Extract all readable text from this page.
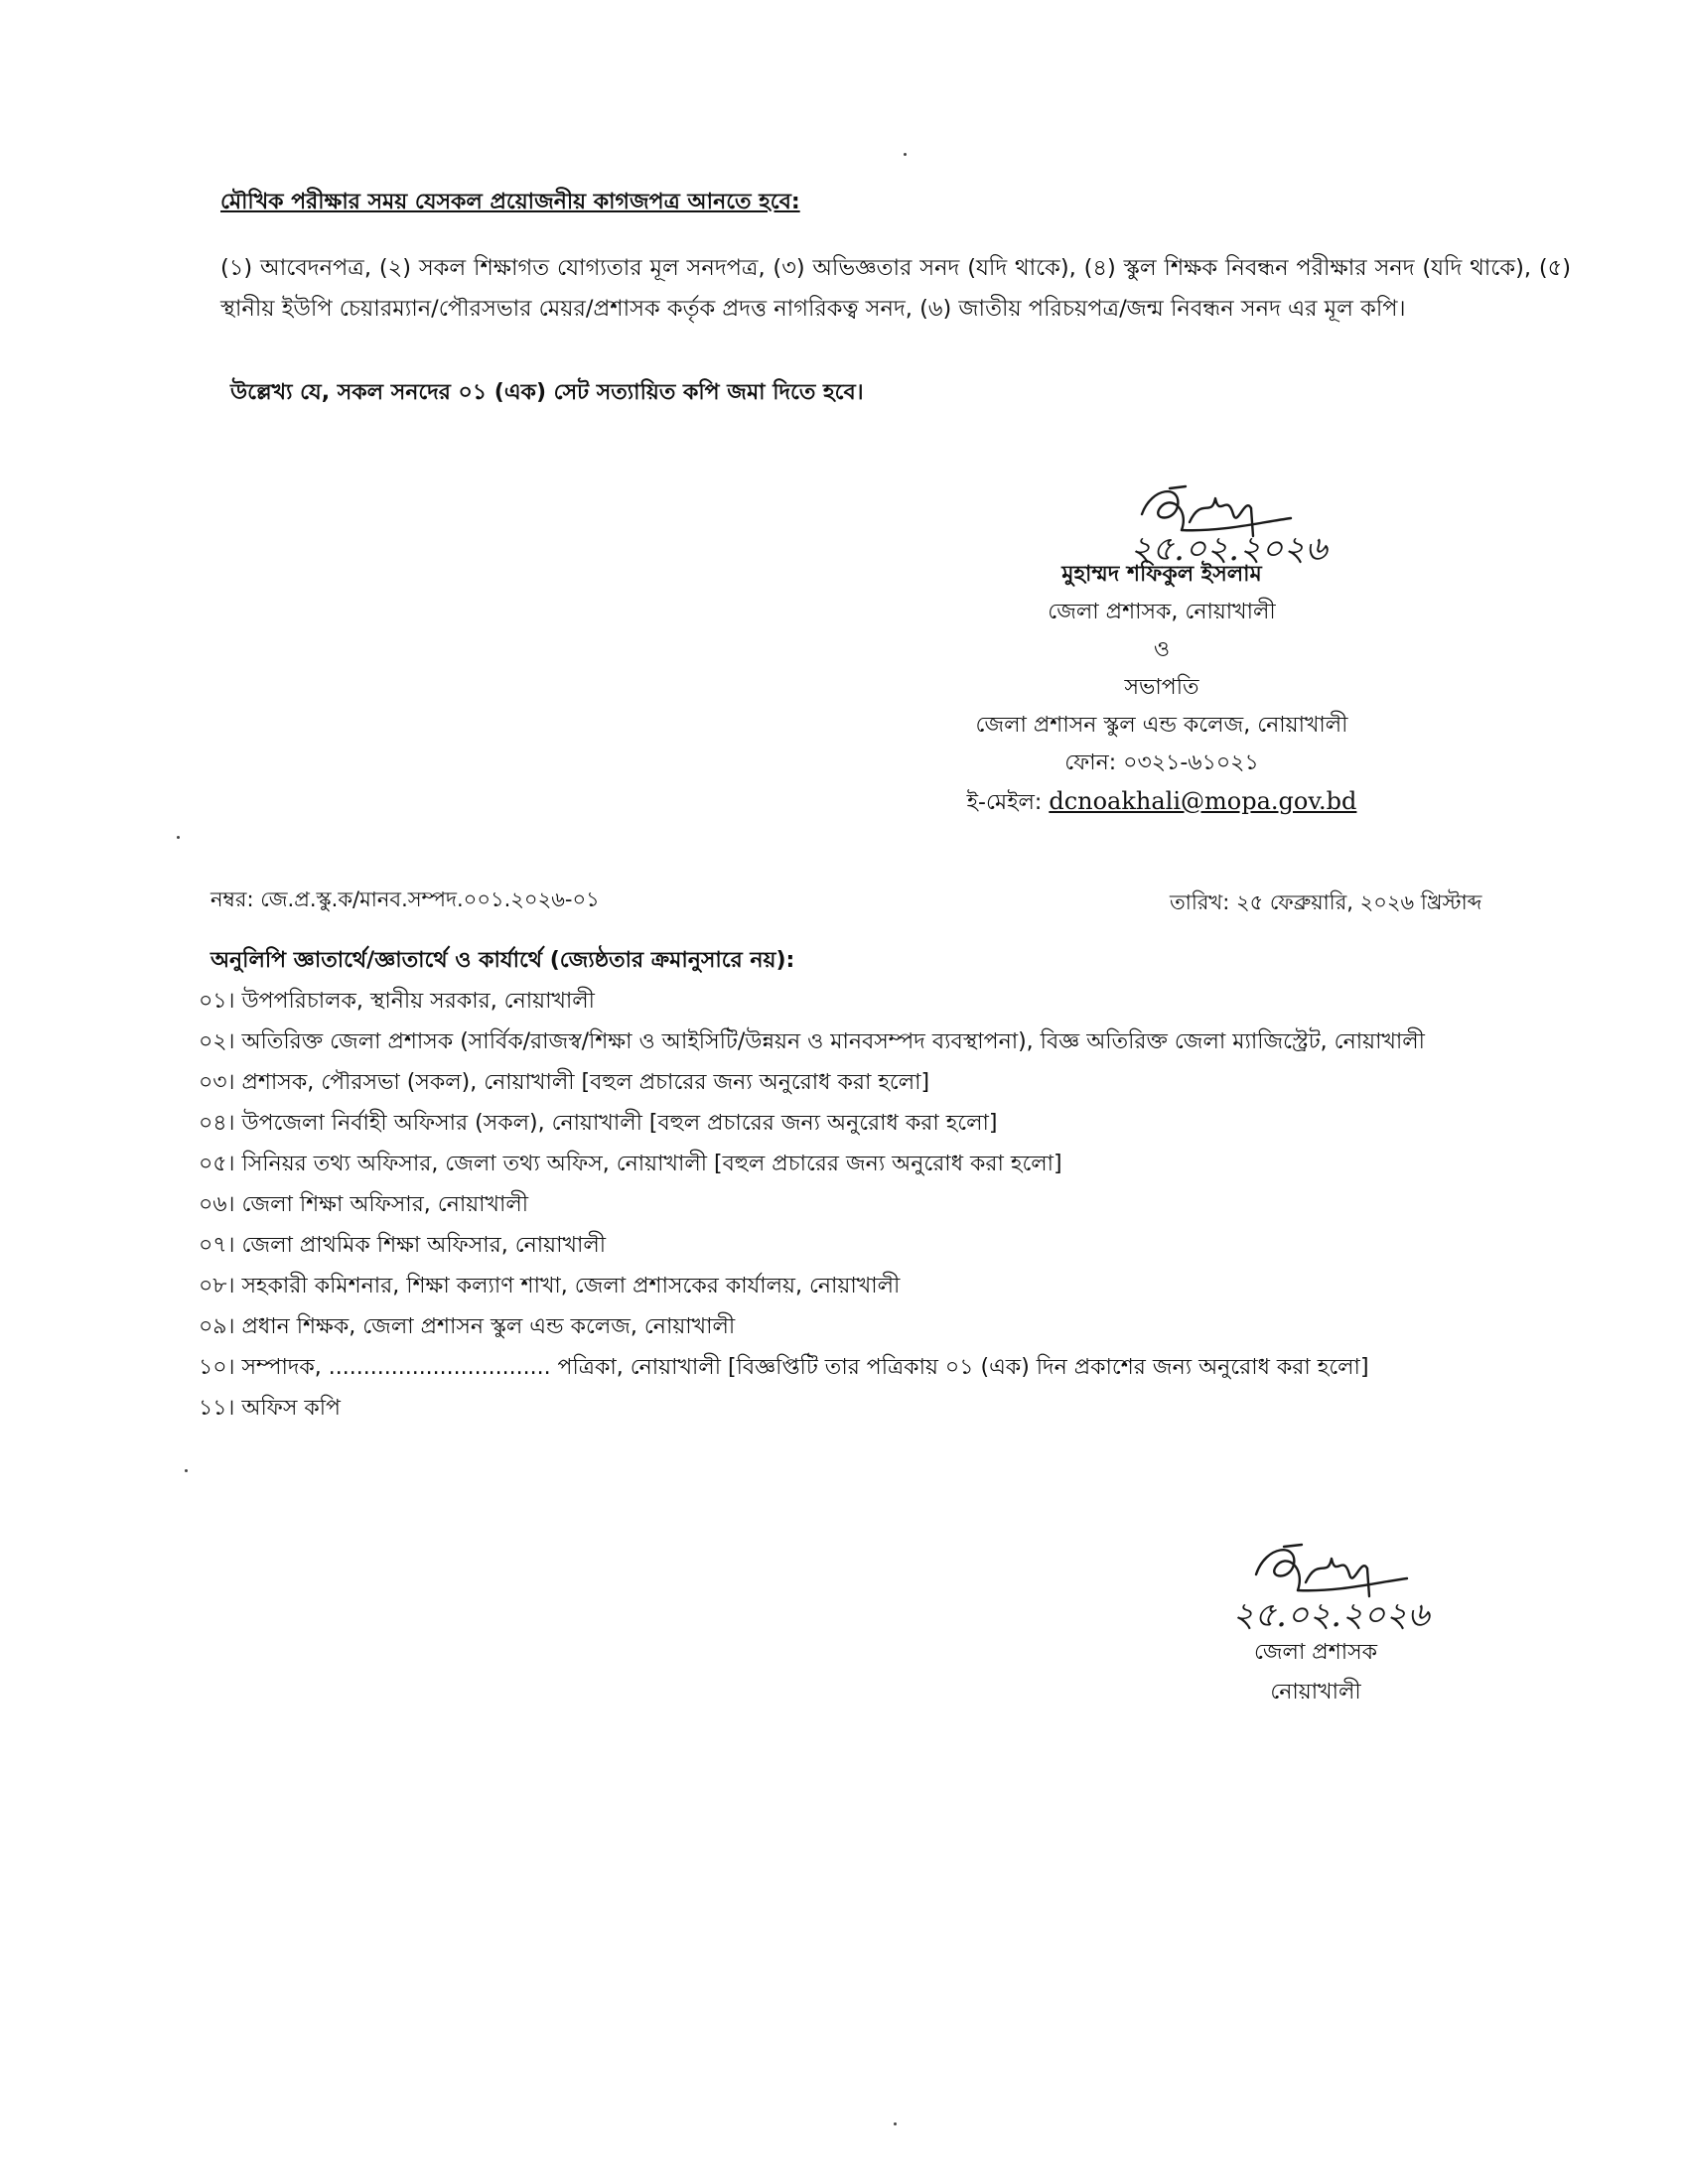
মৌখিক পরীক্ষার সময় যেসকল প্রয়োজনীয় কাগজপত্র আনতে হবে:
(১) আবেদনপত্র, (২) সকল শিক্ষাগত যোগ্যতার মূল সনদপত্র, (৩) অভিজ্ঞতার সনদ (যদি থাকে), (৪) স্কুল শিক্ষক নিবন্ধন পরীক্ষার সনদ (যদি থাকে), (৫) স্থানীয় ইউপি চেয়ারম্যান/পৌরসভার মেয়র/প্রশাসক কর্তৃক প্রদত্ত নাগরিকত্ব সনদ, (৬) জাতীয় পরিচয়পত্র/জন্ম নিবন্ধন সনদ এর মূল কপি।
উল্লেখ্য যে, সকল সনদের ০১ (এক) সেট সত্যায়িত কপি জমা দিতে হবে।
২৫.০২.২০২৬
মুহাম্মদ শফিকুল ইসলাম
জেলা প্রশাসক, নোয়াখালী
ও
সভাপতি
জেলা প্রশাসন স্কুল এন্ড কলেজ, নোয়াখালী
ফোন: ০৩২১-৬১০২১
ই-মেইল: dcnoakhali@mopa.gov.bd
নম্বর: জে.প্র.স্কু.ক/মানব.সম্পদ.০০১.২০২৬-০১	তারিখ: ২৫ ফেব্রুয়ারি, ২০২৬ খ্রিস্টাব্দ
অনুলিপি জ্ঞাতার্থে/জ্ঞাতার্থে ও কার্যার্থে (জ্যেষ্ঠতার ক্রমানুসারে নয়):
০১। উপপরিচালক, স্থানীয় সরকার, নোয়াখালী
০২। অতিরিক্ত জেলা প্রশাসক (সার্বিক/রাজস্ব/শিক্ষা ও আইসিটি/উন্নয়ন ও মানবসম্পদ ব্যবস্থাপনা), বিজ্ঞ অতিরিক্ত জেলা ম্যাজিস্ট্রেট, নোয়াখালী
০৩। প্রশাসক, পৌরসভা (সকল), নোয়াখালী [বহুল প্রচারের জন্য অনুরোধ করা হলো]
০৪। উপজেলা নির্বাহী অফিসার (সকল), নোয়াখালী [বহুল প্রচারের জন্য অনুরোধ করা হলো]
০৫। সিনিয়র তথ্য অফিসার, জেলা তথ্য অফিস, নোয়াখালী [বহুল প্রচারের জন্য অনুরোধ করা হলো]
০৬। জেলা শিক্ষা অফিসার, নোয়াখালী
০৭। জেলা প্রাথমিক শিক্ষা অফিসার, নোয়াখালী
০৮। সহকারী কমিশনার, শিক্ষা কল্যাণ শাখা, জেলা প্রশাসকের কার্যালয়, নোয়াখালী
০৯। প্রধান শিক্ষক, জেলা প্রশাসন স্কুল এন্ড কলেজ, নোয়াখালী
১০। সম্পাদক, ................................ পত্রিকা, নোয়াখালী [বিজ্ঞপ্তিটি তার পত্রিকায় ০১ (এক) দিন প্রকাশের জন্য অনুরোধ করা হলো]
১১। অফিস কপি
২৫.০২.২০২৬
জেলা প্রশাসক
নোয়াখালী
